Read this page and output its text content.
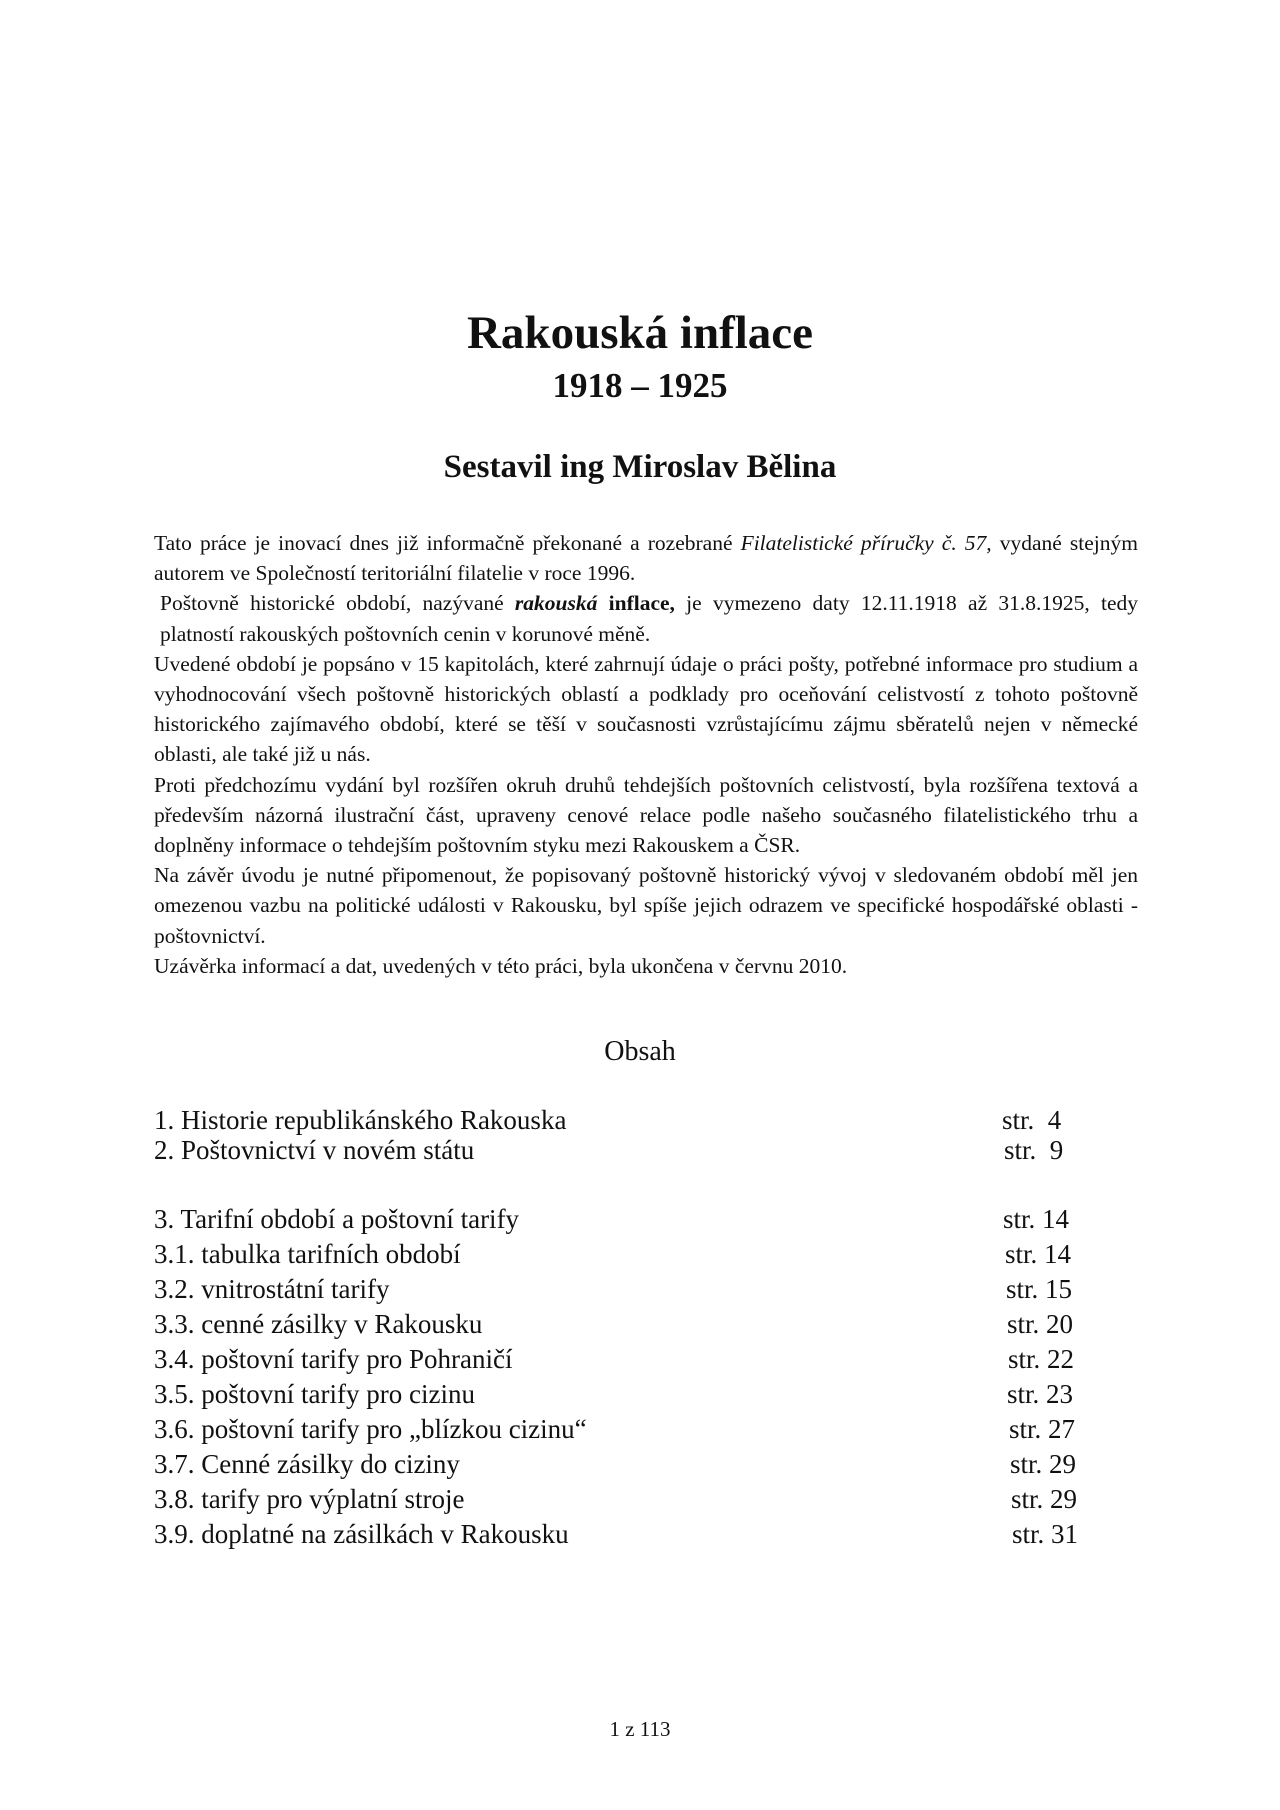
Rakouská inflace
1918 – 1925
Sestavil ing Miroslav Bělina

Tato práce je inovací dnes již informačně překonané a rozebrané Filatelistické příručky č. 57, vydané stejným autorem ve Společností teritoriální filatelie v roce 1996.

Poštovně historické období, nazývané rakouská inflace, je vymezeno daty 12.11.1918 až 31.8.1925, tedy platností rakouských poštovních cenin v korunové měně.

Uvedené období je popsáno v 15 kapitolách, které zahrnují údaje o práci pošty, potřebné informace pro studium a vyhodnocování všech poštovně historických oblastí a podklady pro oceňování celistvostí z tohoto poštovně historického zajímavého období, které se těší v současnosti vzrůstajícímu zájmu sběratelů nejen v německé oblasti, ale také již u nás.

Proti předchozímu vydání byl rozšířen okruh druhů tehdejších poštovních celistvostí, byla rozšířena textová a především názorná ilustrační část, upraveny cenové relace podle našeho současného filatelistického trhu a doplněny informace o tehdejším poštovním styku mezi Rakouskem a ČSR.

Na závěr úvodu je nutné připomenout, že popisovaný poštovně historický vývoj v sledovaném období měl jen omezenou vazbu na politické události v Rakousku, byl spíše jejich odrazem ve specifické hospodářské oblasti - poštovnictví.

Uzávěrka informací a dat, uvedených v této práci, byla ukončena v červnu 2010.

Obsah
1. Historie republikánského Rakouska	str.  4
2. Poštovnictví v novém státu	str.  9
3. Tarifní období a poštovní tarify	str. 14
3.1. tabulka tarifních období	str. 14
3.2. vnitrostátní tarify	str. 15
3.3. cenné zásilky v Rakousku	str. 20
3.4. poštovní tarify pro Pohraničí	str. 22
3.5. poštovní tarify pro cizinu	str. 23
3.6. poštovní tarify pro „blízkou cizinu“	str. 27
3.7. Cenné zásilky do ciziny	str. 29
3.8. tarify pro výplatní stroje	str. 29
3.9. doplatné na zásilkách v Rakousku	str. 31
1 z 113
